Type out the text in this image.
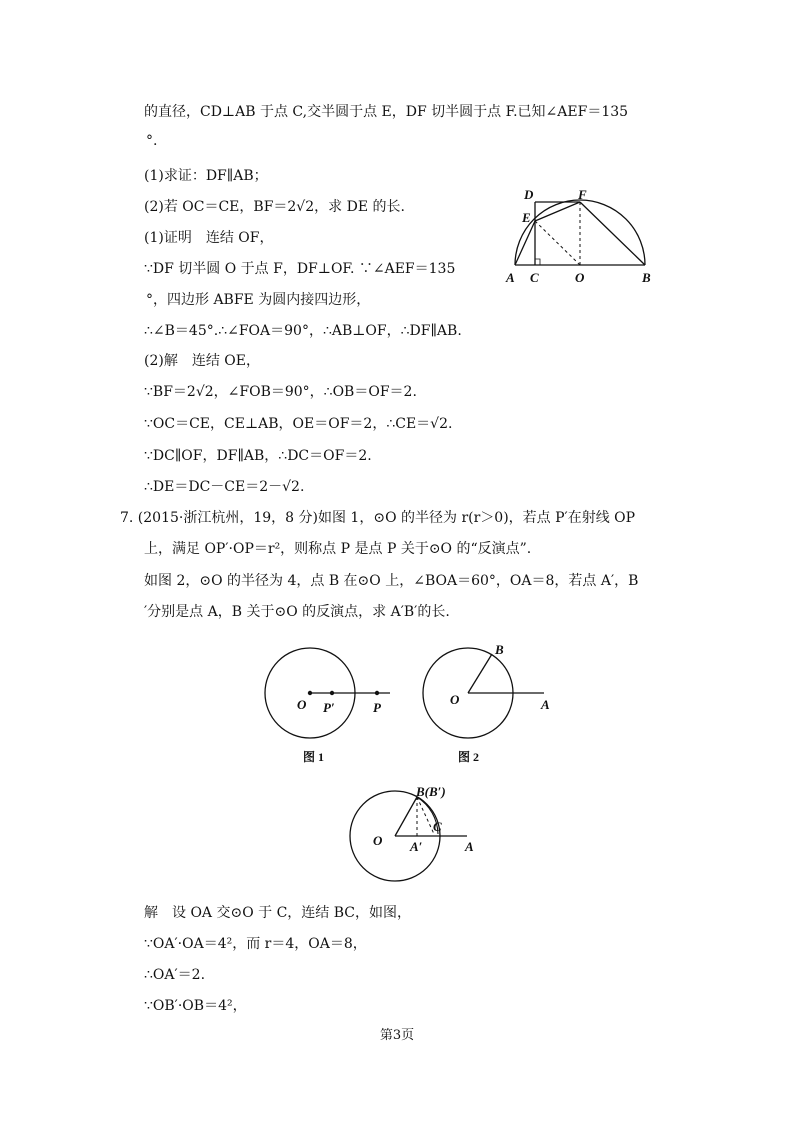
的直径，CD⊥AB 于点 C,交半圆于点 E，DF 切半圆于点 F.已知∠AEF＝135
°.
(1)求证：DF∥AB；
(2)若 OC＝CE，BF＝2√2，求 DE 的长.
(1)证明　连结 OF，
∵DF 切半圆 O 于点 F，DF⊥OF. ∵∠AEF＝135
°，四边形 ABFE 为圆内接四边形，
∴∠B＝45°.∴∠FOA＝90°，∴AB⊥OF，∴DF∥AB.
(2)解　连结 OE，
∵BF＝2√2，∠FOB＝90°，∴OB＝OF＝2.
∵OC＝CE，CE⊥AB，OE＝OF＝2，∴CE＝√2.
∵DC∥OF，DF∥AB，∴DC＝OF＝2.
∴DE＝DC－CE＝2－√2.
7. (2015·浙江杭州，19，8 分)如图 1，⊙O 的半径为 r(r＞0)，若点 P′在射线 OP
上，满足 OP′·OP＝r²，则称点 P 是点 P 关于⊙O 的“反演点”.
如图 2，⊙O 的半径为 4，点 B 在⊙O 上，∠BOA＝60°，OA＝8，若点 A′，B
′分别是点 A，B 关于⊙O 的反演点，求 A′B′的长.
解　设 OA 交⊙O 于 C，连结 BC，如图，
∵OA′·OA＝4²，而 r＝4，OA＝8，
∴OA′＝2.
∵OB′·OB＝4²，
D	F
E
A C	O	B
O P′	P
图 1
B
O	A
图 2
B(B′)
C
O A′	A
第3页
